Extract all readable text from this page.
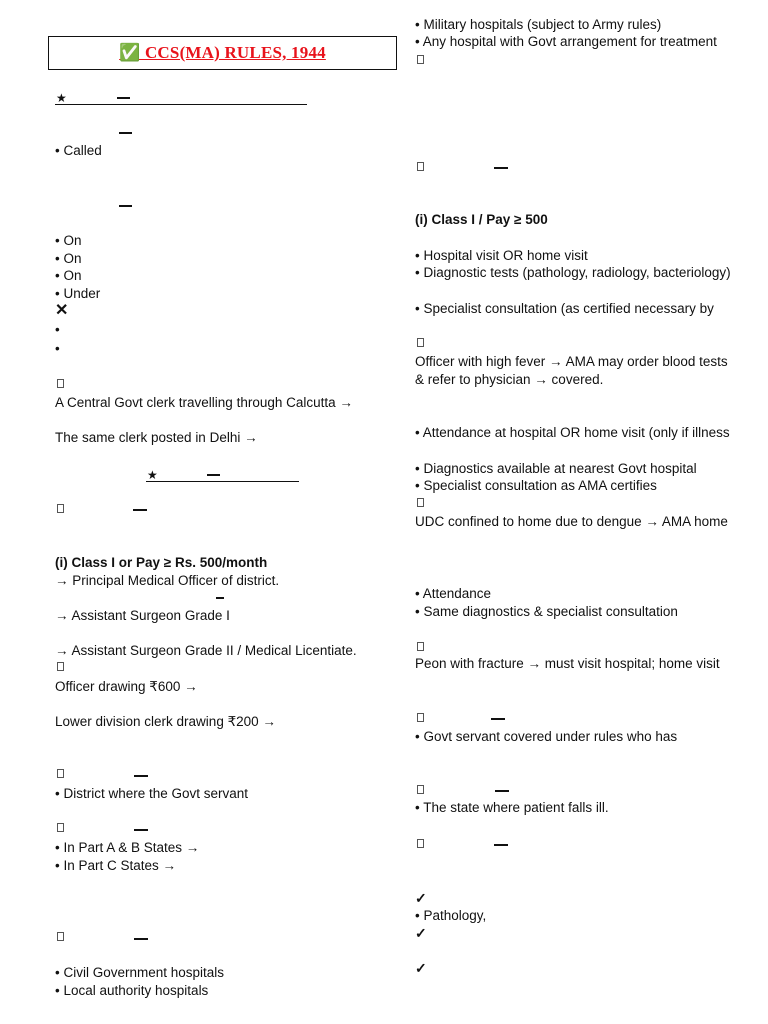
✅ CCS(MA) RULES, 1944
★
• Called
• On
• On
• On
• Under
✕
•
•
A Central Govt clerk travelling through Calcutta →
The same clerk posted in Delhi →
★
(i) Class I or Pay ≥ Rs. 500/month
→ Principal Medical Officer of district.
→ Assistant Surgeon Grade I
→ Assistant Surgeon Grade II / Medical Licentiate.
Officer drawing ₹600 →
Lower division clerk drawing ₹200 →
• District where the Govt servant
• In Part A & B States →
• In Part C States →
• Civil Government hospitals
• Local authority hospitals
• Military hospitals (subject to Army rules)
• Any hospital with Govt arrangement for treatment
(i) Class I / Pay ≥ 500
• Hospital visit OR home visit
• Diagnostic tests (pathology, radiology, bacteriology)
• Specialist consultation (as certified necessary by
Officer with high fever → AMA may order blood tests
& refer to physician → covered.
• Attendance at hospital OR home visit (only if illness
• Diagnostics available at nearest Govt hospital
• Specialist consultation as AMA certifies
UDC confined to home due to dengue → AMA home
• Attendance
• Same diagnostics & specialist consultation
Peon with fracture → must visit hospital; home visit
• Govt servant covered under rules who has
• The state where patient falls ill.
✓
• Pathology,
✓
✓
